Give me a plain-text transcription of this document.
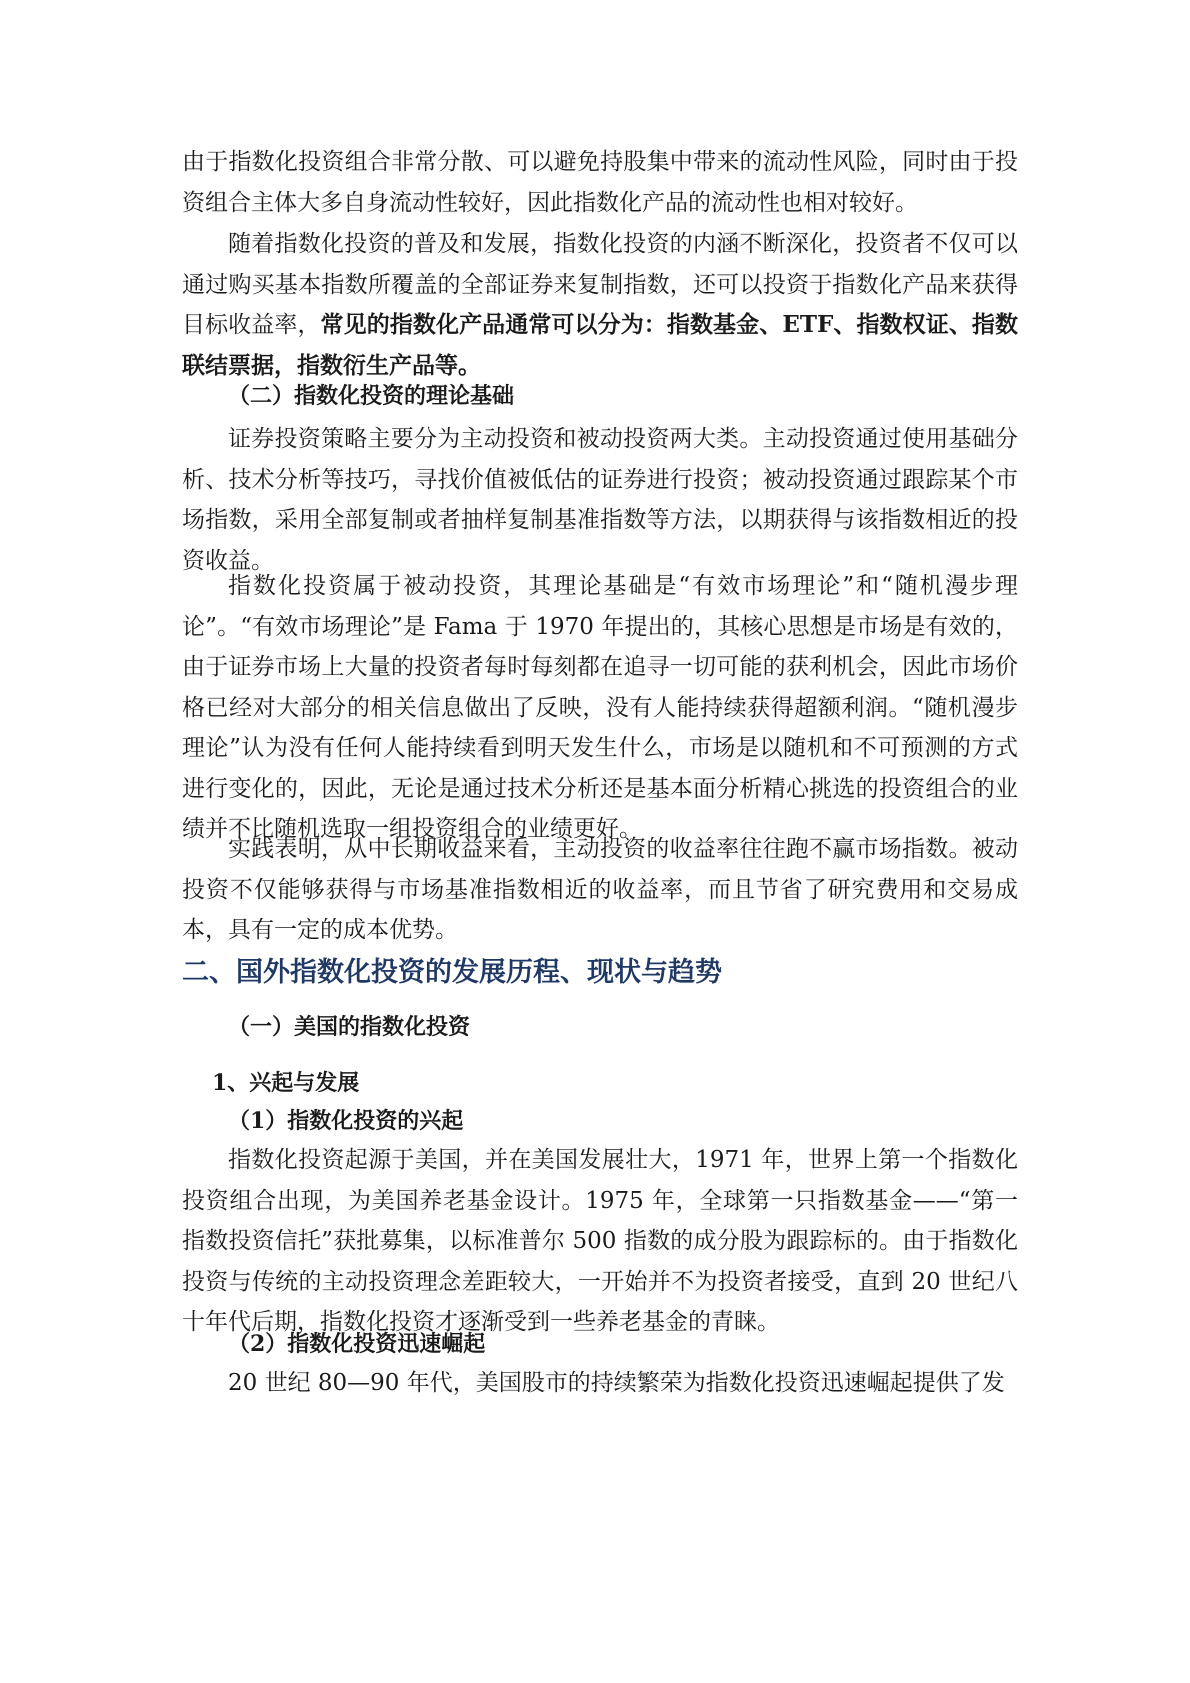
由于指数化投资组合非常分散、可以避免持股集中带来的流动性风险，同时由于投资组合主体大多自身流动性较好，因此指数化产品的流动性也相对较好。

随着指数化投资的普及和发展，指数化投资的内涵不断深化，投资者不仅可以通过购买基本指数所覆盖的全部证券来复制指数，还可以投资于指数化产品来获得目标收益率，常见的指数化产品通常可以分为：指数基金、ETF、指数权证、指数联结票据，指数衍生产品等。

（二）指数化投资的理论基础

证券投资策略主要分为主动投资和被动投资两大类。主动投资通过使用基础分析、技术分析等技巧，寻找价值被低估的证券进行投资；被动投资通过跟踪某个市场指数，采用全部复制或者抽样复制基准指数等方法，以期获得与该指数相近的投资收益。

指数化投资属于被动投资，其理论基础是“有效市场理论”和“随机漫步理论”。“有效市场理论”是 Fama 于 1970 年提出的，其核心思想是市场是有效的，由于证券市场上大量的投资者每时每刻都在追寻一切可能的获利机会，因此市场价格已经对大部分的相关信息做出了反映，没有人能持续获得超额利润。“随机漫步理论”认为没有任何人能持续看到明天发生什么，市场是以随机和不可预测的方式进行变化的，因此，无论是通过技术分析还是基本面分析精心挑选的投资组合的业绩并不比随机选取一组投资组合的业绩更好。

实践表明，从中长期收益来看，主动投资的收益率往往跑不赢市场指数。被动投资不仅能够获得与市场基准指数相近的收益率，而且节省了研究费用和交易成本，具有一定的成本优势。

二、国外指数化投资的发展历程、现状与趋势
（一）美国的指数化投资
1、兴起与发展
（1）指数化投资的兴起

指数化投资起源于美国，并在美国发展壮大，1971 年，世界上第一个指数化投资组合出现，为美国养老基金设计。1975 年，全球第一只指数基金——“第一指数投资信托”获批募集，以标准普尔 500 指数的成分股为跟踪标的。由于指数化投资与传统的主动投资理念差距较大，一开始并不为投资者接受，直到 20 世纪八十年代后期，指数化投资才逐渐受到一些养老基金的青睐。

（2）指数化投资迅速崛起

20 世纪 80—90 年代，美国股市的持续繁荣为指数化投资迅速崛起提供了发
